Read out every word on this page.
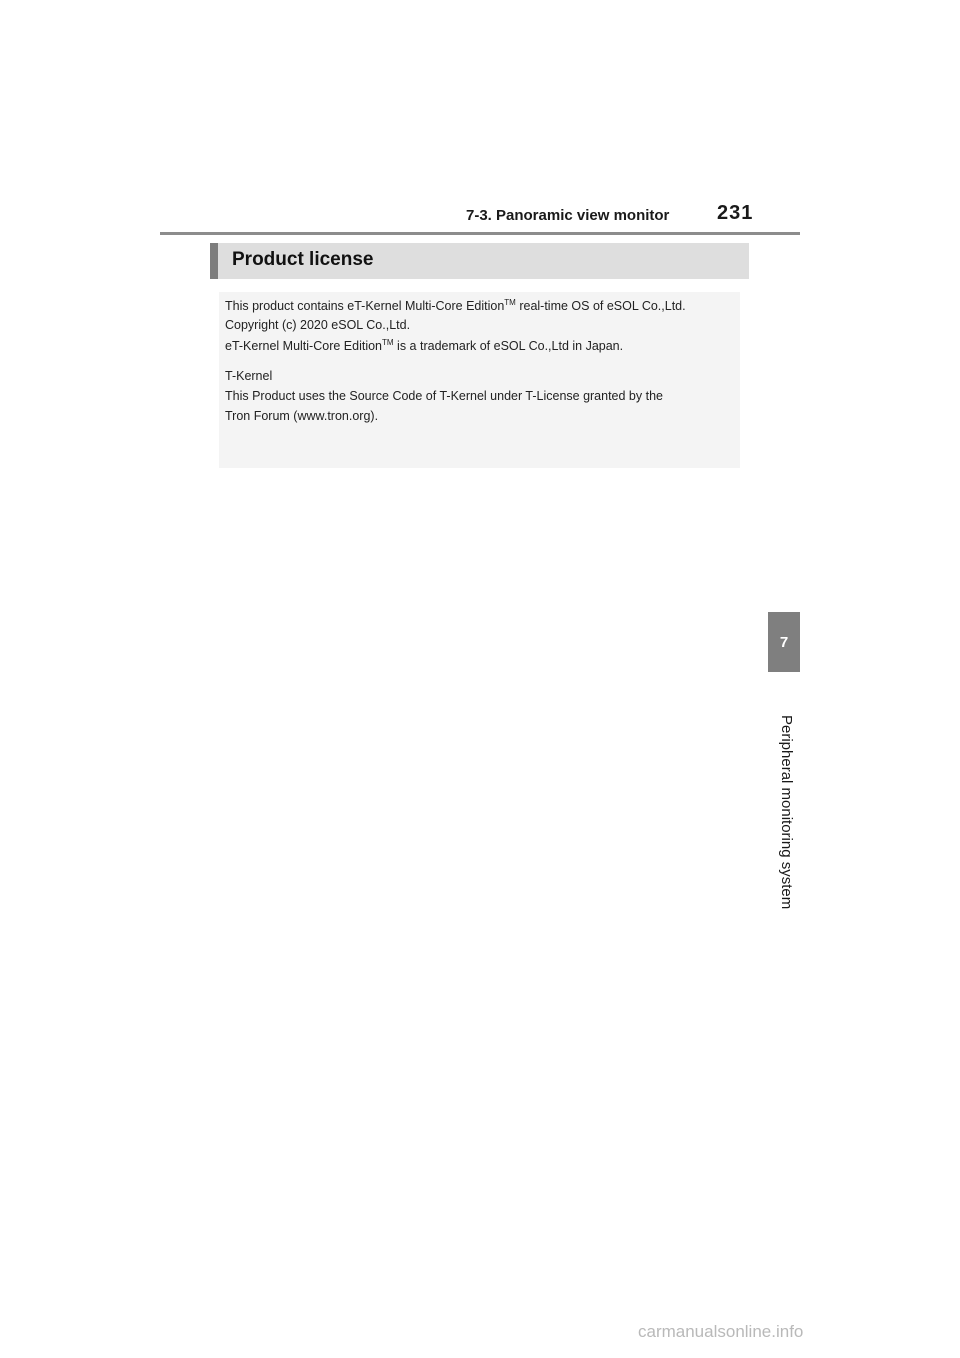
7-3. Panoramic view monitor 231
Product license
This product contains eT-Kernel Multi-Core Edition™ real-time OS of eSOL Co.,Ltd.
Copyright (c) 2020 eSOL Co.,Ltd.
eT-Kernel Multi-Core Edition™ is a trademark of eSOL Co.,Ltd in Japan.
T-Kernel
This Product uses the Source Code of T-Kernel under T-License granted by the
Tron Forum (www.tron.org).
7
Peripheral monitoring system
carmanualsonline.info
